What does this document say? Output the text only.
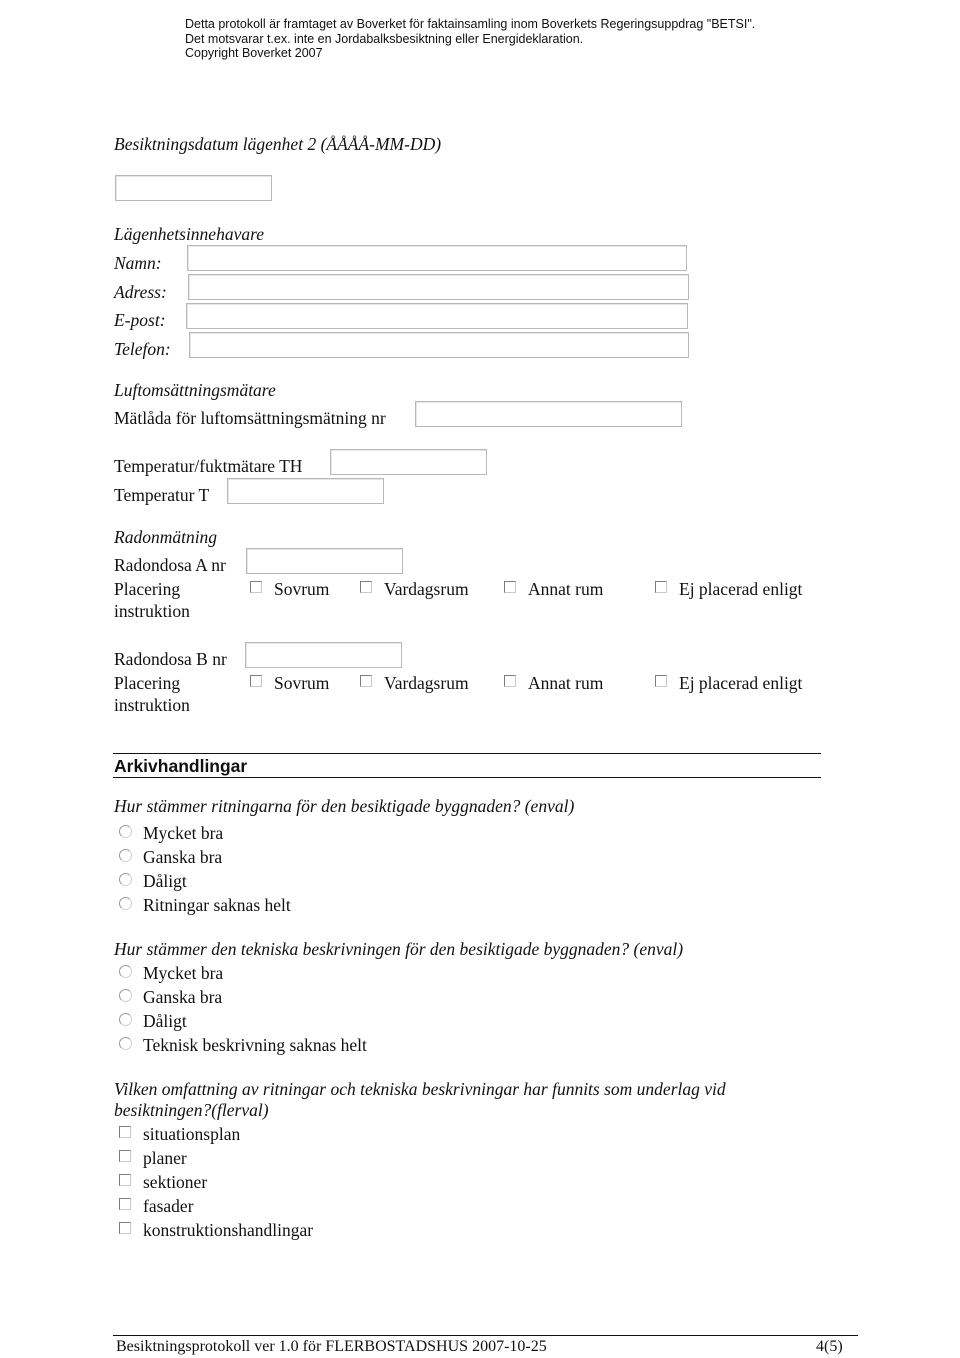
Detta protokoll är framtaget av Boverket för faktainsamling inom Boverkets Regeringsuppdrag "BETSI".
Det motsvarar t.ex. inte en Jordabalksbesiktning eller Energideklaration.
Copyright Boverket 2007
Besiktningsdatum lägenhet 2 (ÅÅÅÅ-MM-DD)
Lägenhetsinnehavare
Namn:
Adress:
E-post:
Telefon:
Luftomsättningsmätare
Mätlåda för luftomsättningsmätning nr
Temperatur/fuktmätare TH
Temperatur T
Radonmätning
Radondosa A nr
Placering
instruktion
Sovrum	Vardagsrum	Annat rum	Ej placerad enligt
Radondosa B nr
Placering
instruktion
Sovrum	Vardagsrum	Annat rum	Ej placerad enligt
Arkivhandlingar
Hur stämmer ritningarna för den besiktigade byggnaden? (enval)
Mycket bra
Ganska bra
Dåligt
Ritningar saknas helt
Hur stämmer den tekniska beskrivningen för den besiktigade byggnaden? (enval)
Mycket bra
Ganska bra
Dåligt
Teknisk beskrivning saknas helt
Vilken omfattning av ritningar och tekniska beskrivningar har funnits som underlag vid
besiktningen?(flerval)
situationsplan
planer
sektioner
fasader
konstruktionshandlingar
Besiktningsprotokoll ver 1.0 för FLERBOSTADSHUS 2007-10-25	4(5)
